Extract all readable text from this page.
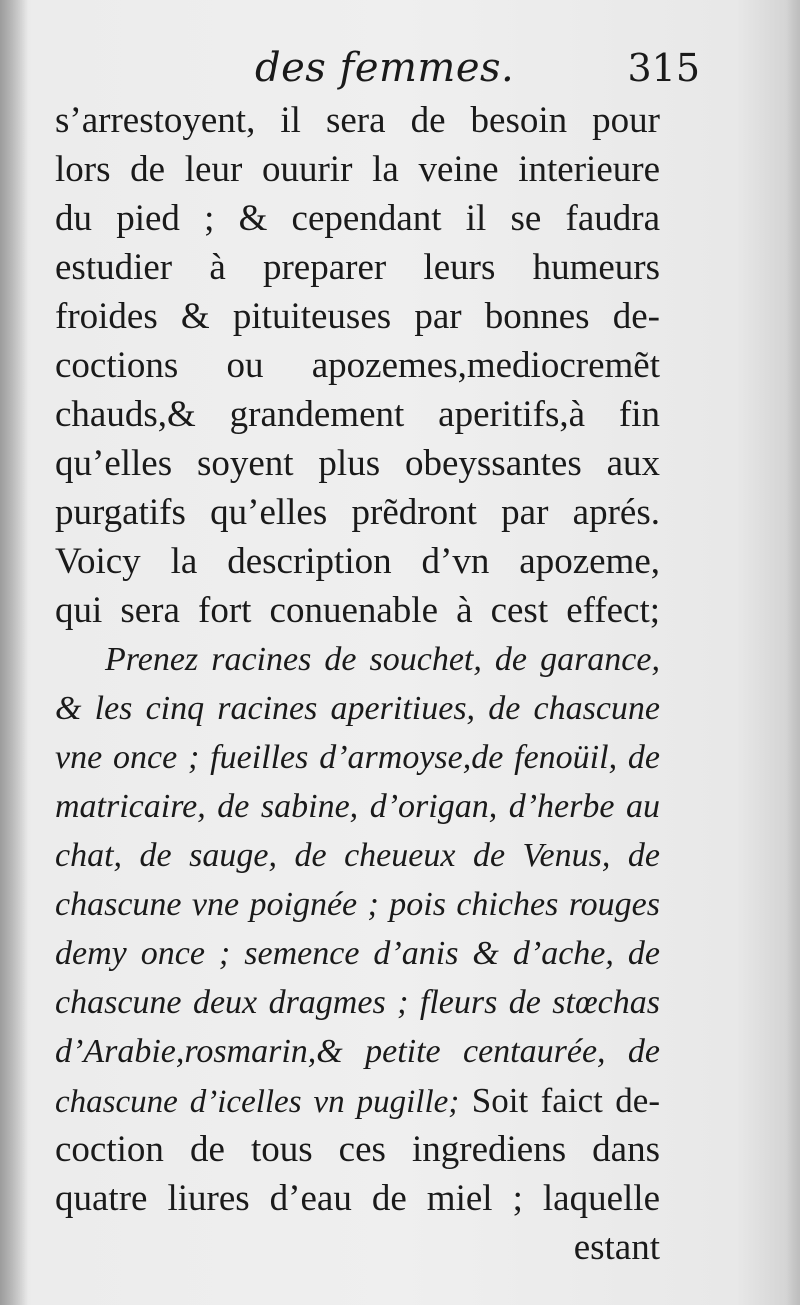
des femmes.	315
s’arrestoyent, il sera de besoin pour
lors de leur ouurir la veine interieure
du pied ; & cependant il se faudra
estudier à preparer leurs humeurs
froides & pituiteuses par bonnes de-
coctions ou apozemes,mediocremẽt
chauds,& grandement aperitifs,à fin
qu’elles soyent plus obeyssantes aux
purgatifs qu’elles prẽdront par aprés.
Voicy la description d’vn apozeme,
qui sera fort conuenable à cest effect;
Prenez racines de souchet, de garance,
& les cinq racines aperitiues, de chascune
vne once ; fueilles d’armoyse,de fenoüil, de
matricaire, de sabine, d’origan, d’herbe au
chat, de sauge, de cheueux de Venus, de
chascune vne poignée ; pois chiches rouges
demy once ; semence d’anis & d’ache, de
chascune deux dragmes ; fleurs de stœchas
d’Arabie,rosmarin,& petite centaurée, de
chascune d’icelles vn pugille; Soit faict de-
coction de tous ces ingrediens dans
quatre liures d’eau de miel ; laquelle
estant
